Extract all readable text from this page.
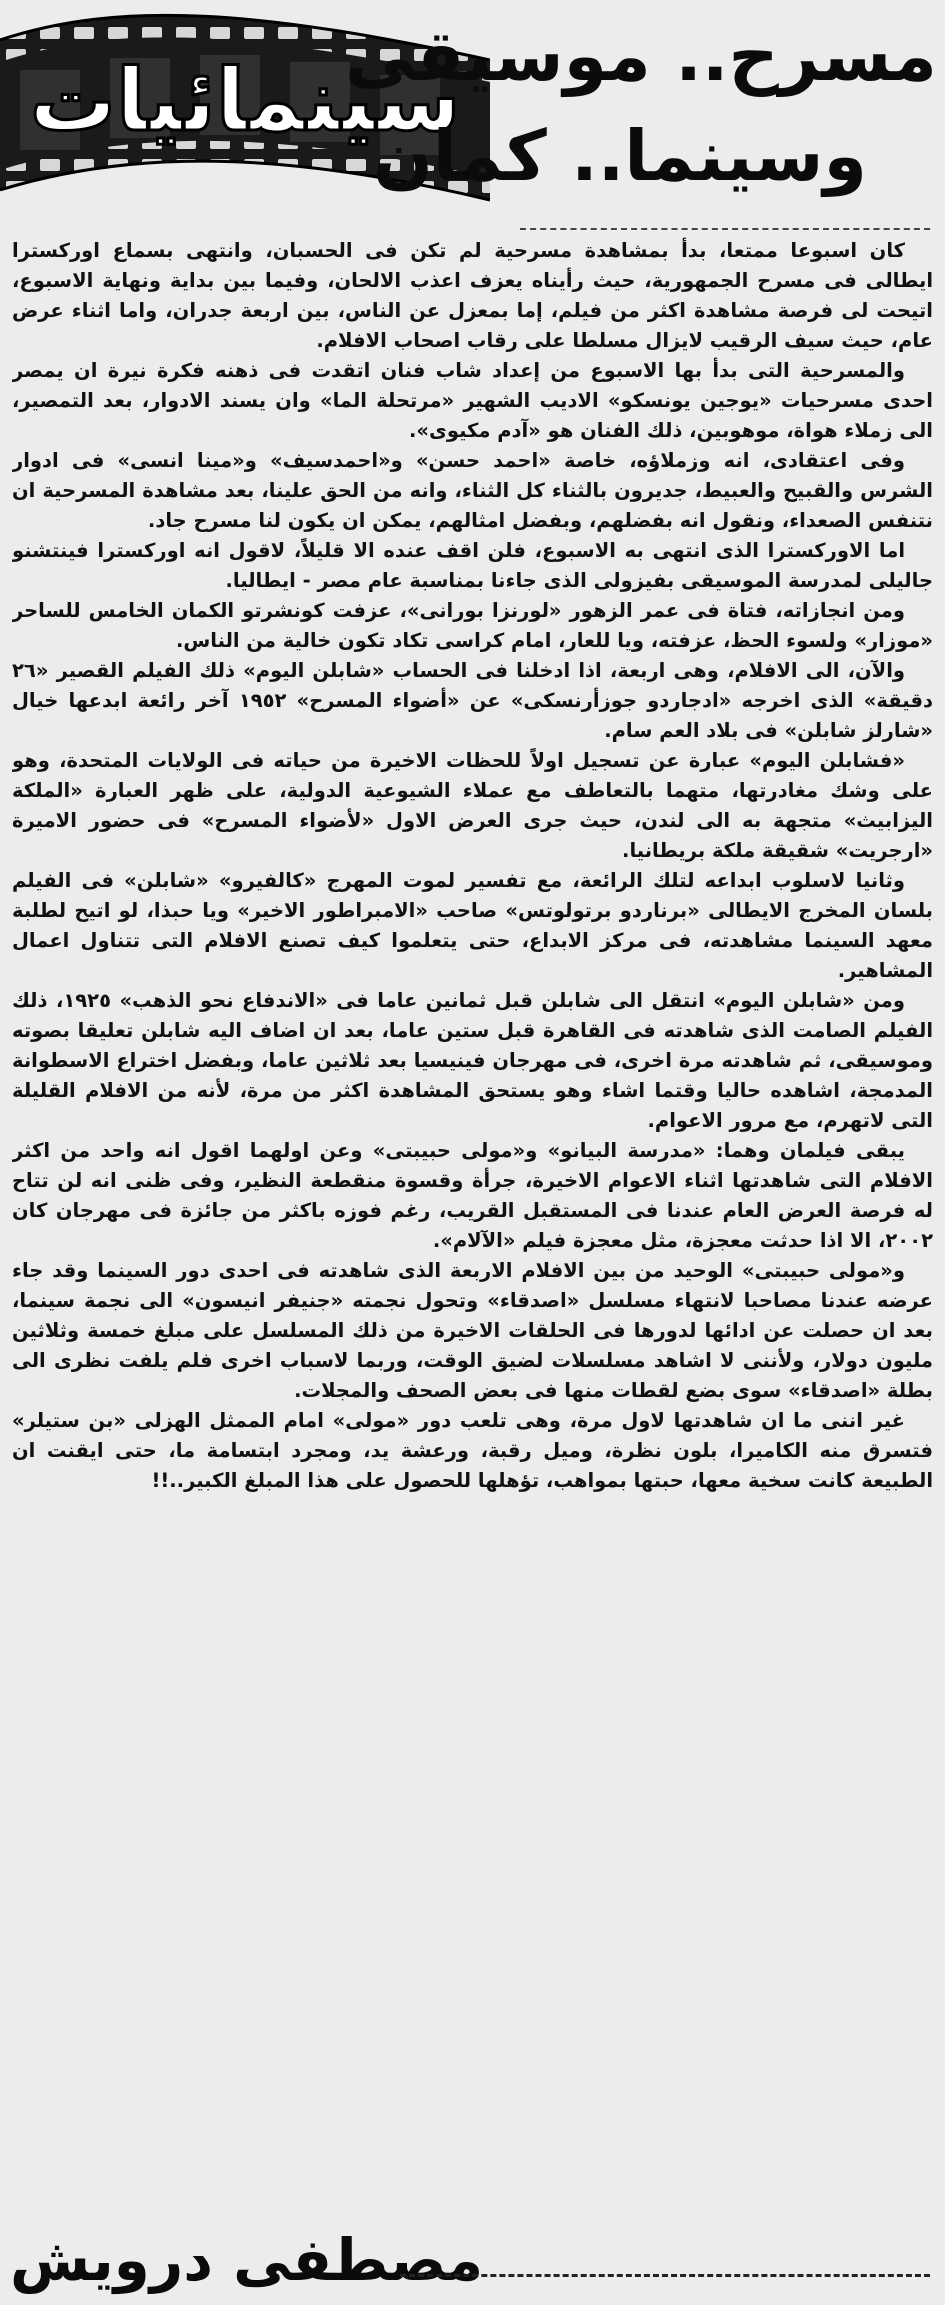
سينمائيات
مسرح.. موسيقى
وسينما.. كمان

كان اسبوعا ممتعا، بدأ بمشاهدة مسرحية لم تكن فى الحسبان، وانتهى بسماع اوركسترا ايطالى فى مسرح الجمهورية، حيث رأيناه يعزف اعذب الالحان، وفيما بين بداية ونهاية الاسبوع، اتيحت لى فرصة مشاهدة اكثر من فيلم، إما بمعزل عن الناس، بين اربعة جدران، واما اثناء عرض عام، حيث سيف الرقيب لايزال مسلطا على رقاب اصحاب الافلام.

والمسرحية التى بدأ بها الاسبوع من إعداد شاب فنان اتقدت فى ذهنه فكرة نيرة ان يمصر احدى مسرحيات «يوجين يونسكو» الاديب الشهير «مرتحلة الما» وان يسند الادوار، بعد التمصير، الى زملاء هواة، موهوبين، ذلك الفنان هو «آدم مكيوى».

وفى اعتقادى، انه وزملاؤه، خاصة «احمد حسن» و«احمدسيف» و«مينا انسى» فى ادوار الشرس والقبيح والعبيط، جديرون بالثناء كل الثناء، وانه من الحق علينا، بعد مشاهدة المسرحية ان نتنفس الصعداء، ونقول انه بفضلهم، وبفضل امثالهم، يمكن ان يكون لنا مسرح جاد.

اما الاوركسترا الذى انتهى به الاسبوع، فلن اقف عنده الا قليلاً، لاقول انه اوركسترا فينتشنو جاليلى لمدرسة الموسيقى بفيزولى الذى جاءنا بمناسبة عام مصر - ايطاليا.

ومن انجازاته، فتاة فى عمر الزهور «لورنزا بورانى»، عزفت كونشرتو الكمان الخامس للساحر «موزار» ولسوء الحظ، عزفته، ويا للعار، امام كراسى تكاد تكون خالية من الناس.

والآن، الى الافلام، وهى اربعة، اذا ادخلنا فى الحساب «شابلن اليوم» ذلك الفيلم القصير «٢٦ دقيقة» الذى اخرجه «ادجاردو جوزأرنسكى» عن «أضواء المسرح» ١٩٥٢ آخر رائعة ابدعها خيال «شارلز شابلن» فى بلاد العم سام.

«فشابلن اليوم» عبارة عن تسجيل اولاً للحظات الاخيرة من حياته فى الولايات المتحدة، وهو على وشك مغادرتها، متهما بالتعاطف مع عملاء الشيوعية الدولية، على ظهر العبارة «الملكة اليزابيث» متجهة به الى لندن، حيث جرى العرض الاول «لأضواء المسرح» فى حضور الاميرة «ارجريت» شقيقة ملكة بريطانيا.

وثانيا لاسلوب ابداعه لتلك الرائعة، مع تفسير لموت المهرج «كالفيرو» «شابلن» فى الفيلم بلسان المخرج الايطالى «برناردو برتولوتس» صاحب «الامبراطور الاخير» ويا حبذا، لو اتيح لطلبة معهد السينما مشاهدته، فى مركز الابداع، حتى يتعلموا كيف تصنع الافلام التى تتناول اعمال المشاهير.

ومن «شابلن اليوم» انتقل الى شابلن قبل ثمانين عاما فى «الاندفاع نحو الذهب» ١٩٢٥، ذلك الفيلم الصامت الذى شاهدته فى القاهرة قبل ستين عاما، بعد ان اضاف اليه شابلن تعليقا بصوته وموسيقى، ثم شاهدته مرة اخرى، فى مهرجان فينيسيا بعد ثلاثين عاما، وبفضل اختراع الاسطوانة المدمجة، اشاهده حاليا وقتما اشاء وهو يستحق المشاهدة اكثر من مرة، لأنه من الافلام القليلة التى لاتهرم، مع مرور الاعوام.

يبقى فيلمان وهما: «مدرسة البيانو» و«مولى حبيبتى» وعن اولهما اقول انه واحد من اكثر الافلام التى شاهدتها اثناء الاعوام الاخيرة، جرأة وقسوة منقطعة النظير، وفى ظنى انه لن تتاح له فرصة العرض العام عندنا فى المستقبل القريب، رغم فوزه باكثر من جائزة فى مهرجان كان ٢٠٠٢، الا اذا حدثت معجزة، مثل معجزة فيلم «الآلام».

و«مولى حبيبتى» الوحيد من بين الافلام الاربعة الذى شاهدته فى احدى دور السينما وقد جاء عرضه عندنا مصاحبا لانتهاء مسلسل «اصدقاء» وتحول نجمته «جنيفر انيسون» الى نجمة سينما، بعد ان حصلت عن ادائها لدورها فى الحلقات الاخيرة من ذلك المسلسل على مبلغ خمسة وثلاثين مليون دولار، ولأننى لا اشاهد مسلسلات لضيق الوقت، وربما لاسباب اخرى فلم يلفت نظرى الى بطلة «اصدقاء» سوى بضع لقطات منها فى بعض الصحف والمجلات.

غير اننى ما ان شاهدتها لاول مرة، وهى تلعب دور «مولى» امام الممثل الهزلى «بن ستيلر» فتسرق منه الكاميرا، بلون نظرة، وميل رقبة، ورعشة يد، ومجرد ابتسامة ما، حتى ايقنت ان الطبيعة كانت سخية معها، حبتها بمواهب، تؤهلها للحصول على هذا المبلغ الكبير..!!

مصطفى درويش
